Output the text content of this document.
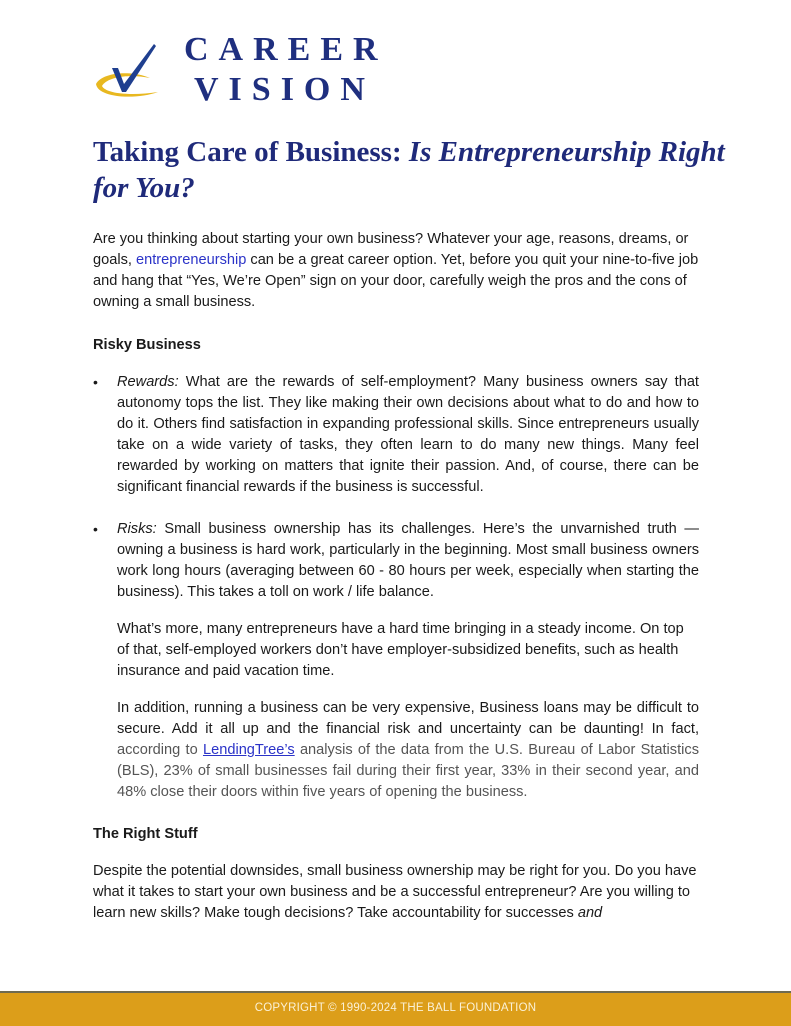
CAREER
VISION
Taking Care of Business: Is Entrepreneurship Right for You?

Are you thinking about starting your own business? Whatever your age, reasons, dreams, or goals, entrepreneurship can be a great career option. Yet, before you quit your nine-to-five job and hang that “Yes, We’re Open” sign on your door, carefully weigh the pros and the cons of owning a small business.

Risky Business
• Rewards: What are the rewards of self-employment? Many business owners say that autonomy tops the list. They like making their own decisions about what to do and how to do it. Others find satisfaction in expanding professional skills. Since entrepreneurs usually take on a wide variety of tasks, they often learn to do many new things. Many feel rewarded by working on matters that ignite their passion. And, of course, there can be significant financial rewards if the business is successful.
• Risks: Small business ownership has its challenges. Here’s the unvarnished truth — owning a business is hard work, particularly in the beginning. Most small business owners work long hours (averaging between 60 - 80 hours per week, especially when starting the business). This takes a toll on work / life balance.

What’s more, many entrepreneurs have a hard time bringing in a steady income. On top of that, self-employed workers don’t have employer-subsidized benefits, such as health insurance and paid vacation time.

In addition, running a business can be very expensive, Business loans may be difficult to secure. Add it all up and the financial risk and uncertainty can be daunting! In fact, according to LendingTree’s analysis of the data from the U.S. Bureau of Labor Statistics (BLS), 23% of small businesses fail during their first year, 33% in their second year, and 48% close their doors within five years of opening the business.

The Right Stuff

Despite the potential downsides, small business ownership may be right for you. Do you have what it takes to start your own business and be a successful entrepreneur? Are you willing to learn new skills? Make tough decisions? Take accountability for successes and

COPYRIGHT © 1990-2024 THE BALL FOUNDATION
